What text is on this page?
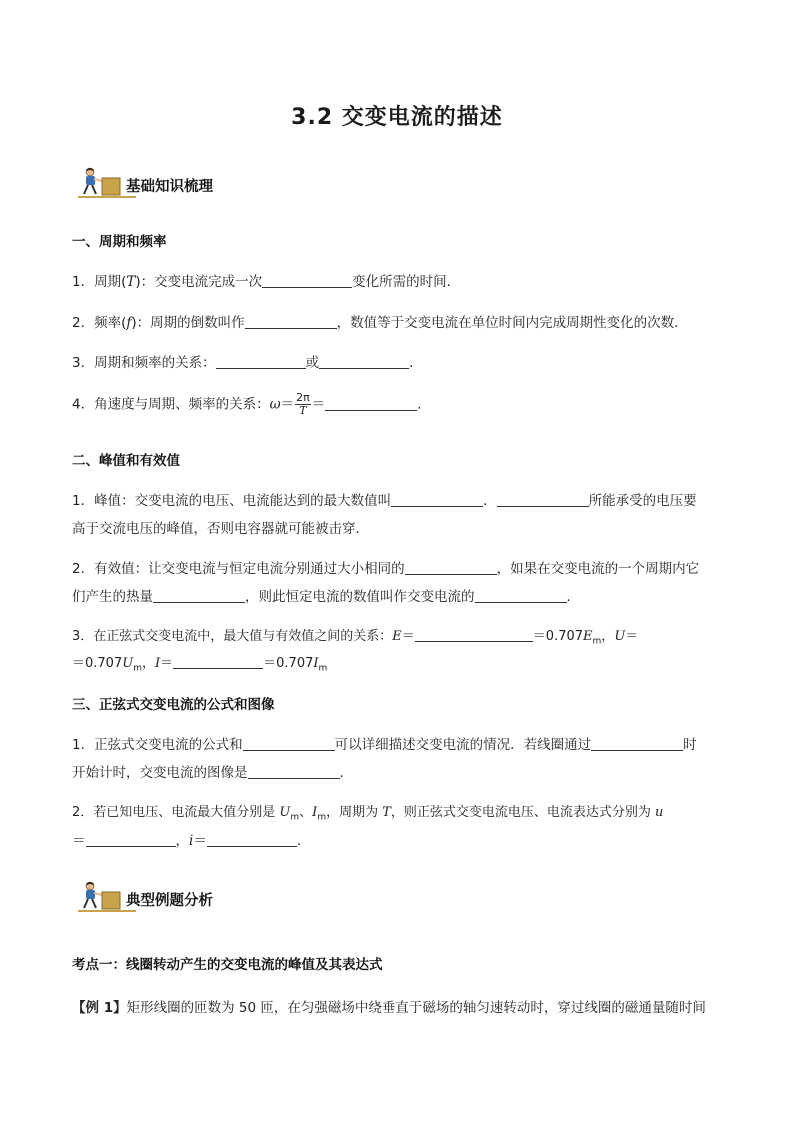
3.2 交变电流的描述
基础知识梳理
一、周期和频率
1．周期(T)：交变电流完成一次	变化所需的时间．
2．频率(f)：周期的倒数叫作	，数值等于交变电流在单位时间内完成周期性变化的次数．
3．周期和频率的关系：	或	.
4．角速度与周期、频率的关系：$\omega= \frac{2\pi}{T}$ ＝	.
二、峰值和有效值
1．峰值：交变电流的电压、电流能达到的最大数值叫	．	所能承受的电压要
高于交流电压的峰值，否则电容器就可能被击穿．
2．有效值：让交变电流与恒定电流分别通过大小相同的	，如果在交变电流的一个周期内它
们产生的热量	，则此恒定电流的数值叫作交变电流的	．
3．在正弦式交变电流中，最大值与有效值之间的关系：E＝	$=0.707E_m$，U＝
$=0.707U_m$，I＝	$=0.707I_m$
三、正弦式交变电流的公式和图像
1．正弦式交变电流的公式和	可以详细描述交变电流的情况．若线圈通过	时
开始计时，交变电流的图像是	．
2．若已知电压、电流最大值分别是 $U_m$、$I_m$，周期为 T，则正弦式交变电流电压、电流表达式分别为 u
＝	，i＝	.
典型例题分析
考点一：线圈转动产生的交变电流的峰值及其表达式
【例 1】矩形线圈的匝数为 50 匝，在匀强磁场中绕垂直于磁场的轴匀速转动时，穿过线圈的磁通量随时间
